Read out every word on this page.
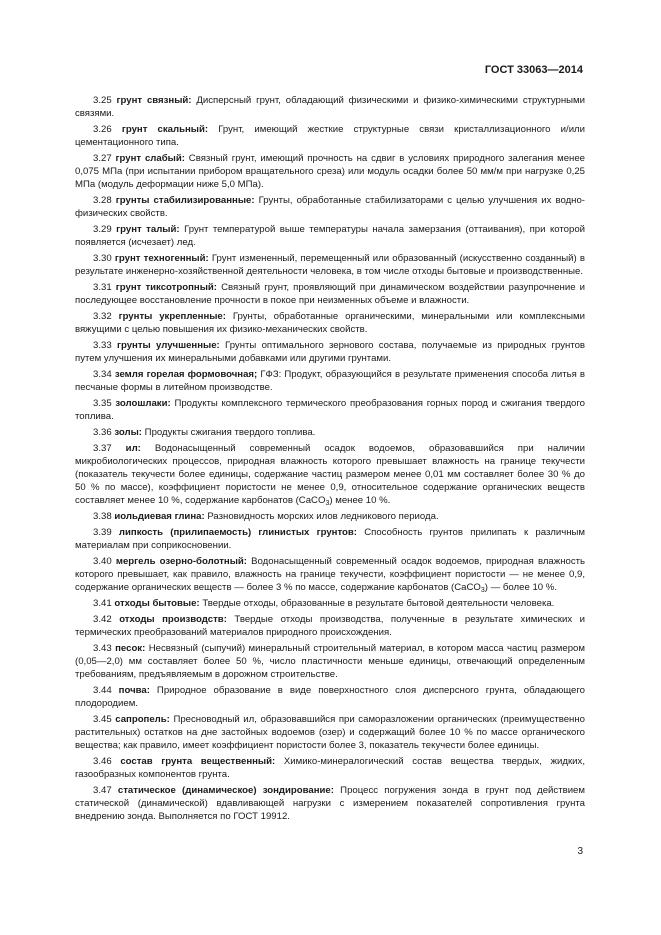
ГОСТ 33063—2014

3.25 грунт связный: Дисперсный грунт, обладающий физическими и физико-химическими структурными связями.

3.26 грунт скальный: Грунт, имеющий жесткие структурные связи кристаллизационного и/или цементационного типа.

3.27 грунт слабый: Связный грунт, имеющий прочность на сдвиг в условиях природного залегания менее 0,075 МПа (при испытании прибором вращательного среза) или модуль осадки более 50 мм/м при нагрузке 0,25 МПа (модуль деформации ниже 5,0 МПа).

3.28 грунты стабилизированные: Грунты, обработанные стабилизаторами с целью улучшения их водно-физических свойств.

3.29 грунт талый: Грунт температурой выше температуры начала замерзания (оттаивания), при которой появляется (исчезает) лед.

3.30 грунт техногенный: Грунт измененный, перемещенный или образованный (искусственно созданный) в результате инженерно-хозяйственной деятельности человека, в том числе отходы бытовые и производственные.

3.31 грунт тиксотропный: Связный грунт, проявляющий при динамическом воздействии разупрочнение и последующее восстановление прочности в покое при неизменных объеме и влажности.

3.32 грунты укрепленные: Грунты, обработанные органическими, минеральными или комплексными вяжущими с целью повышения их физико-механических свойств.

3.33 грунты улучшенные: Грунты оптимального зернового состава, получаемые из природных грунтов путем улучшения их минеральными добавками или другими грунтами.

3.34 земля горелая формовочная; ГФЗ: Продукт, образующийся в результате применения способа литья в песчаные формы в литейном производстве.

3.35 золошлаки: Продукты комплексного термического преобразования горных пород и сжигания твердого топлива.

3.36 золы: Продукты сжигания твердого топлива.

3.37 ил: Водонасыщенный современный осадок водоемов, образовавшийся при наличии микробиологических процессов, природная влажность которого превышает влажность на границе текучести (показатель текучести более единицы, содержание частиц размером менее 0,01 мм составляет более 30 % до 50 % по массе), коэффициент пористости не менее 0,9, относительное содержание органических веществ составляет менее 10 %, содержание карбонатов (CaCO$_3$) менее 10 %.

3.38 иольдиевая глина: Разновидность морских илов ледникового периода.

3.39 липкость (прилипаемость) глинистых грунтов: Способность грунтов прилипать к различным материалам при соприкосновении.

3.40 мергель озерно-болотный: Водонасыщенный современный осадок водоемов, природная влажность которого превышает, как правило, влажность на границе текучести, коэффициент пористости — не менее 0,9, содержание органических веществ — более 3 % по массе, содержание карбонатов (CaCO$_3$) — более 10 %.

3.41 отходы бытовые: Твердые отходы, образованные в результате бытовой деятельности человека.

3.42 отходы производств: Твердые отходы производства, полученные в результате химических и термических преобразований материалов природного происхождения.

3.43 песок: Несвязный (сыпучий) минеральный строительный материал, в котором масса частиц размером (0,05—2,0) мм составляет более 50 %, число пластичности меньше единицы, отвечающий определенным требованиям, предъявляемым в дорожном строительстве.

3.44 почва: Природное образование в виде поверхностного слоя дисперсного грунта, обладающего плодородием.

3.45 сапропель: Пресноводный ил, образовавшийся при саморазложении органических (преимущественно растительных) остатков на дне застойных водоемов (озер) и содержащий более 10 % по массе органического вещества; как правило, имеет коэффициент пористости более 3, показатель текучести более единицы.

3.46 состав грунта вещественный: Химико-минералогический состав вещества твердых, жидких, газообразных компонентов грунта.

3.47 статическое (динамическое) зондирование: Процесс погружения зонда в грунт под действием статической (динамической) вдавливающей нагрузки с измерением показателей сопротивления грунта внедрению зонда. Выполняется по ГОСТ 19912.

3
